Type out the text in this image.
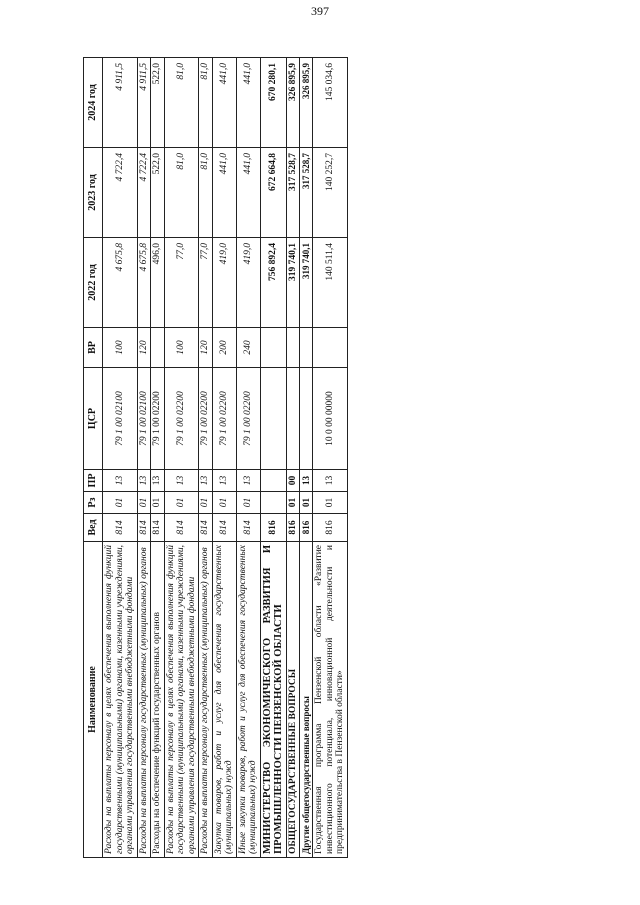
397
Наименование	Вед	Рз	ПР	ЦСР	ВР	2022 год	2023 год	2024 год
Расходы на выплаты персоналу в целях обеспечения выполнения функций государственными (муниципальными) органами, казенными учреждениями, органами управления государственными внебюджетными фондами	814	01	13	79 1 00 02100	100	4 675,8	4 722,4	4 911,5
Расходы на выплаты персоналу государственных (муниципальных) органов	814	01	13	79 1 00 02100	120	4 675,8	4 722,4	4 911,5
Расходы на обеспечение функций государственных органов	814	01	13	79 1 00 02200		496,0	522,0	522,0
Расходы на выплаты персоналу в целях обеспечения выполнения функций государственными (муниципальными) органами, казенными учреждениями, органами управления государственными внебюджетными фондами	814	01	13	79 1 00 02200	100	77,0	81,0	81,0
Расходы на выплаты персоналу государственных (муниципальных) органов	814	01	13	79 1 00 02200	120	77,0	81,0	81,0
Закупка товаров, работ и услуг для обеспечения государственных (муниципальных) нужд	814	01	13	79 1 00 02200	200	419,0	441,0	441,0
Иные закупки товаров, работ и услуг для обеспечения государственных (муниципальных) нужд	814	01	13	79 1 00 02200	240	419,0	441,0	441,0
МИНИСТЕРСТВО ЭКОНОМИЧЕСКОГО РАЗВИТИЯ И ПРОМЫШЛЕННОСТИ ПЕНЗЕНСКОЙ ОБЛАСТИ	816					756 892,4	672 664,8	670 280,1
ОБЩЕГОСУДАРСТВЕННЫЕ ВОПРОСЫ	816	01	00			319 740,1	317 528,7	326 895,9
Другие общегосударственные вопросы	816	01	13			319 740,1	317 528,7	326 895,9
Государственная программа Пензенской области «Развитие инвестиционного потенциала, инновационной деятельности и предпринимательства в Пензенской области»	816	01	13	10 0 00 00000		140 511,4	140 252,7	145 034,6
